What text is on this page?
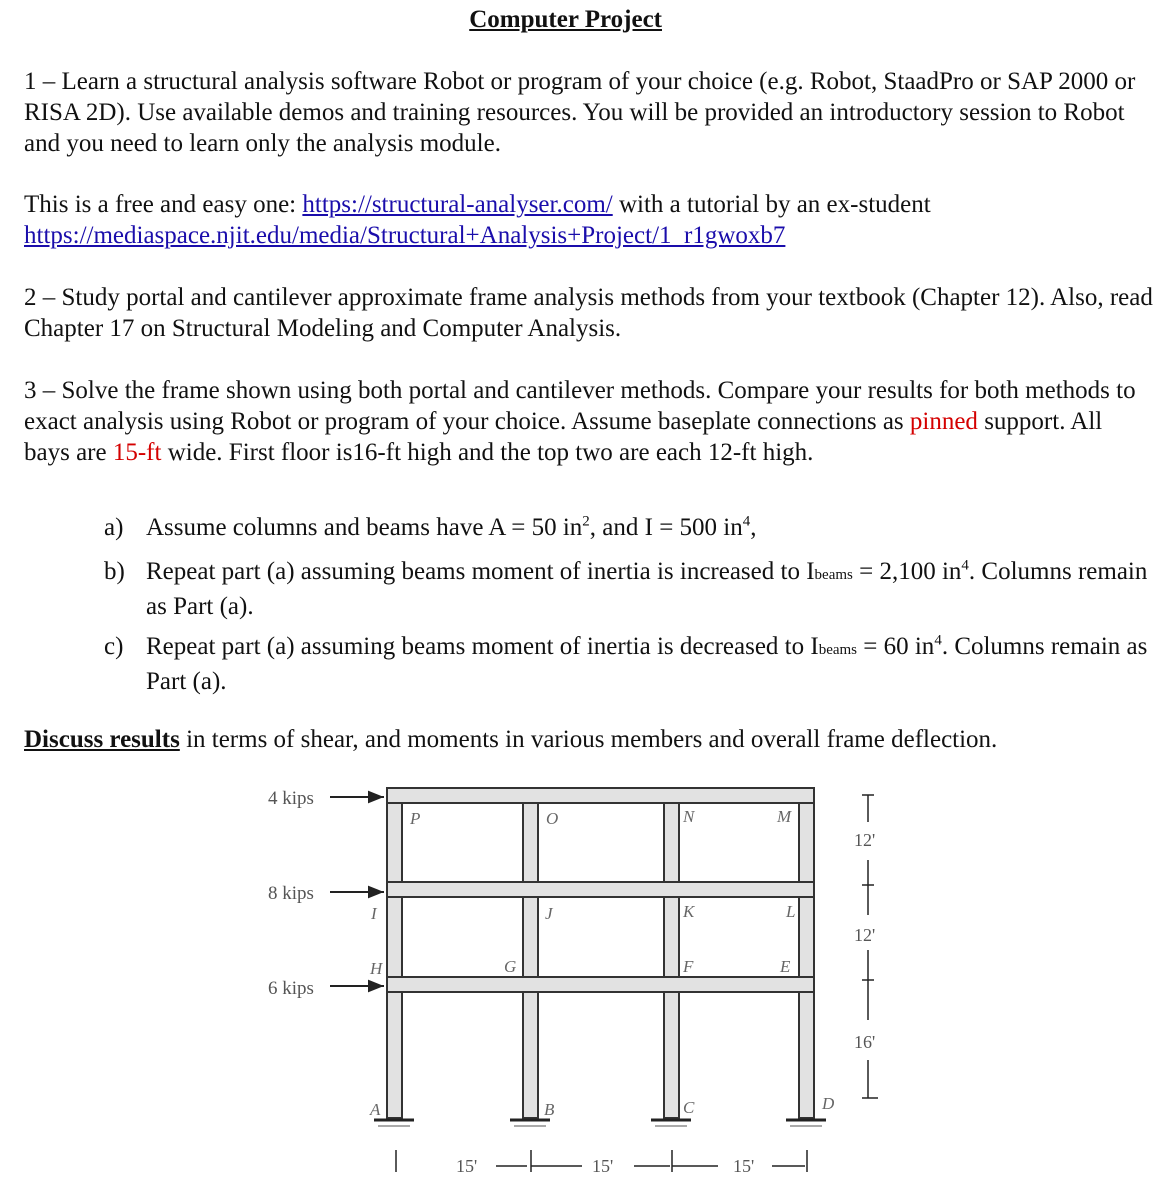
Computer Project

1 – Learn a structural analysis software Robot or program of your choice (e.g. Robot, StaadPro or SAP 2000 or RISA 2D). Use available demos and training resources. You will be provided an introductory session to Robot and you need to learn only the analysis module.

This is a free and easy one: https://structural-analyser.com/ with a tutorial by an ex-student
https://mediaspace.njit.edu/media/Structural+Analysis+Project/1_r1gwoxb7

2 – Study portal and cantilever approximate frame analysis methods from your textbook (Chapter 12). Also, read Chapter 17 on Structural Modeling and Computer Analysis.

3 – Solve the frame shown using both portal and cantilever methods. Compare your results for both methods to exact analysis using Robot or program of your choice. Assume baseplate connections as pinned support. All bays are 15-ft wide. First floor is16-ft high and the top two are each 12-ft high.

a) Assume columns and beams have A = 50 $in^2$, and I = 500 $in^4$,
b) Repeat part (a) assuming beams moment of inertia is increased to Ibeams = 2,100 $in^4$. Columns remain as Part (a).
c) Repeat part (a) assuming beams moment of inertia is decreased to Ibeams = 60 $in^4$. Columns remain as Part (a).

Discuss results in terms of shear, and moments in various members and overall frame deflection.

4 kips
8 kips
6 kips
P	O	N	M
I	J	K	L
H	G	F	E
A	B	C	D
12'
12'
16'
15'	15'	15'
